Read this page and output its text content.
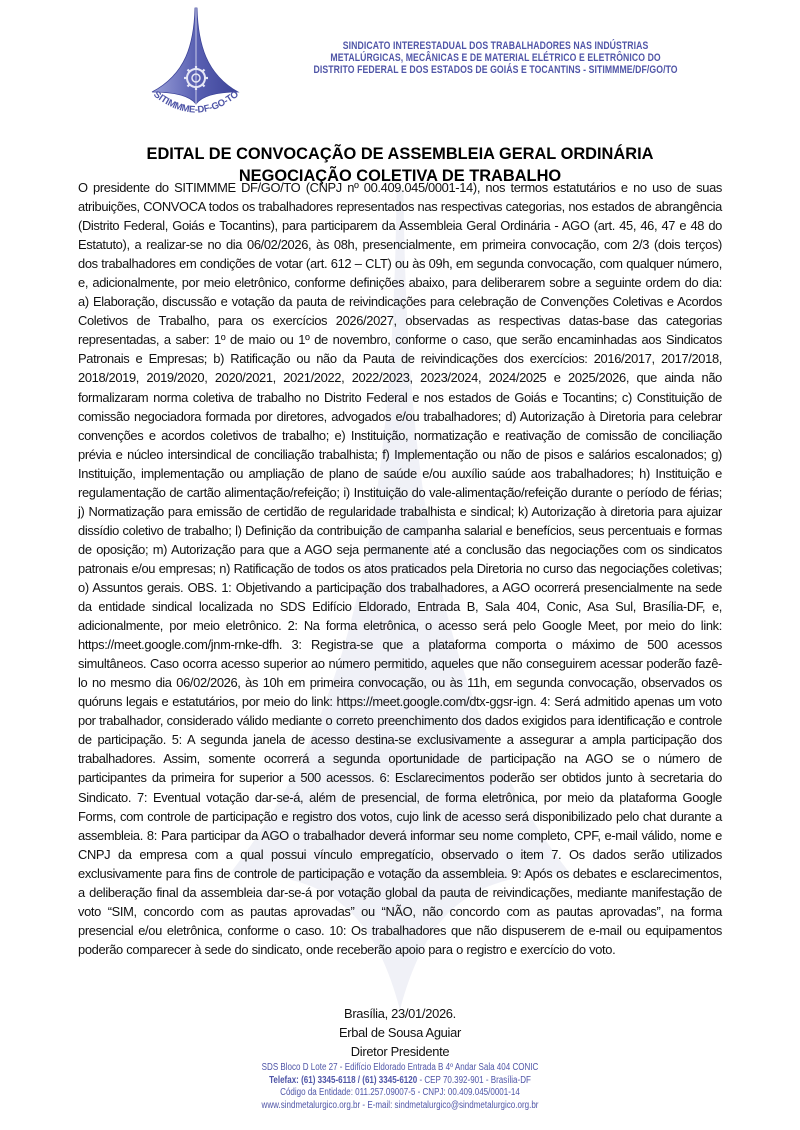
SITIMMME-DF-GO-TO
SINDICATO INTERESTADUAL DOS TRABALHADORES NAS INDÚSTRIAS
METALÚRGICAS, MECÂNICAS E DE MATERIAL ELÉTRICO E ELETRÔNICO DO
DISTRITO FEDERAL E DOS ESTADOS DE GOIÁS E TOCANTINS - SITIMMME/DF/GO/TO
EDITAL DE CONVOCAÇÃO DE ASSEMBLEIA GERAL ORDINÁRIA
NEGOCIAÇÃO COLETIVA DE TRABALHO

O presidente do SITIMMME DF/GO/TO (CNPJ nº 00.409.045/0001-14), nos termos estatutários e no uso de suas atribuições, CONVOCA todos os trabalhadores representados nas respectivas categorias, nos estados de abrangência (Distrito Federal, Goiás e Tocantins), para participarem da Assembleia Geral Ordinária - AGO (art. 45, 46, 47 e 48 do Estatuto), a realizar-se no dia 06/02/2026, às 08h, presencialmente, em primeira convocação, com 2/3 (dois terços) dos trabalhadores em condições de votar (art. 612 – CLT) ou às 09h, em segunda convocação, com qualquer número, e, adicionalmente, por meio eletrônico, conforme definições abaixo, para deliberarem sobre a seguinte ordem do dia: a) Elaboração, discussão e votação da pauta de reivindicações para celebração de Convenções Coletivas e Acordos Coletivos de Trabalho, para os exercícios 2026/2027, observadas as respectivas datas-base das categorias representadas, a saber: 1º de maio ou 1º de novembro, conforme o caso, que serão encaminhadas aos Sindicatos Patronais e Empresas; b) Ratificação ou não da Pauta de reivindicações dos exercícios: 2016/2017, 2017/2018, 2018/2019, 2019/2020, 2020/2021, 2021/2022, 2022/2023, 2023/2024, 2024/2025 e 2025/2026, que ainda não formalizaram norma coletiva de trabalho no Distrito Federal e nos estados de Goiás e Tocantins; c) Constituição de comissão negociadora formada por diretores, advogados e/ou trabalhadores; d) Autorização à Diretoria para celebrar convenções e acordos coletivos de trabalho; e) Instituição, normatização e reativação de comissão de conciliação prévia e núcleo intersindical de conciliação trabalhista; f) Implementação ou não de pisos e salários escalonados; g) Instituição, implementação ou ampliação de plano de saúde e/ou auxílio saúde aos trabalhadores; h) Instituição e regulamentação de cartão alimentação/refeição; i) Instituição do vale-alimentação/refeição durante o período de férias; j) Normatização para emissão de certidão de regularidade trabalhista e sindical; k) Autorização à diretoria para ajuizar dissídio coletivo de trabalho; l) Definição da contribuição de campanha salarial e benefícios, seus percentuais e formas de oposição; m) Autorização para que a AGO seja permanente até a conclusão das negociações com os sindicatos patronais e/ou empresas; n) Ratificação de todos os atos praticados pela Diretoria no curso das negociações coletivas; o) Assuntos gerais. OBS. 1: Objetivando a participação dos trabalhadores, a AGO ocorrerá presencialmente na sede da entidade sindical localizada no SDS Edifício Eldorado, Entrada B, Sala 404, Conic, Asa Sul, Brasília-DF, e, adicionalmente, por meio eletrônico. 2: Na forma eletrônica, o acesso será pelo Google Meet, por meio do link: https://meet.google.com/jnm-rnke-dfh. 3: Registra-se que a plataforma comporta o máximo de 500 acessos simultâneos. Caso ocorra acesso superior ao número permitido, aqueles que não conseguirem acessar poderão fazê-lo no mesmo dia 06/02/2026, às 10h em primeira convocação, ou às 11h, em segunda convocação, observados os quóruns legais e estatutários, por meio do link: https://meet.google.com/dtx-ggsr-ign. 4: Será admitido apenas um voto por trabalhador, considerado válido mediante o correto preenchimento dos dados exigidos para identificação e controle de participação. 5: A segunda janela de acesso destina-se exclusivamente a assegurar a ampla participação dos trabalhadores. Assim, somente ocorrerá a segunda oportunidade de participação na AGO se o número de participantes da primeira for superior a 500 acessos. 6: Esclarecimentos poderão ser obtidos junto à secretaria do Sindicato. 7: Eventual votação dar-se-á, além de presencial, de forma eletrônica, por meio da plataforma Google Forms, com controle de participação e registro dos votos, cujo link de acesso será disponibilizado pelo chat durante a assembleia. 8: Para participar da AGO o trabalhador deverá informar seu nome completo, CPF, e-mail válido, nome e CNPJ da empresa com a qual possui vínculo empregatício, observado o item 7. Os dados serão utilizados exclusivamente para fins de controle de participação e votação da assembleia. 9: Após os debates e esclarecimentos, a deliberação final da assembleia dar-se-á por votação global da pauta de reivindicações, mediante manifestação de voto “SIM, concordo com as pautas aprovadas” ou “NÃO, não concordo com as pautas aprovadas”, na forma presencial e/ou eletrônica, conforme o caso. 10: Os trabalhadores que não dispuserem de e-mail ou equipamentos poderão comparecer à sede do sindicato, onde receberão apoio para o registro e exercício do voto.

Brasília, 23/01/2026.
Erbal de Sousa Aguiar
Diretor Presidente
SDS Bloco D Lote 27 - Edifício Eldorado Entrada B 4º Andar Sala 404 CONIC
Telefax: (61) 3345-6118 / (61) 3345-6120 - CEP 70.392-901 - Brasília-DF
Código da Entidade: 011.257.09007-5 - CNPJ: 00.409.045/0001-14
www.sindmetalurgico.org.br - E-mail: sindmetalurgico@sindmetalurgico.org.br
